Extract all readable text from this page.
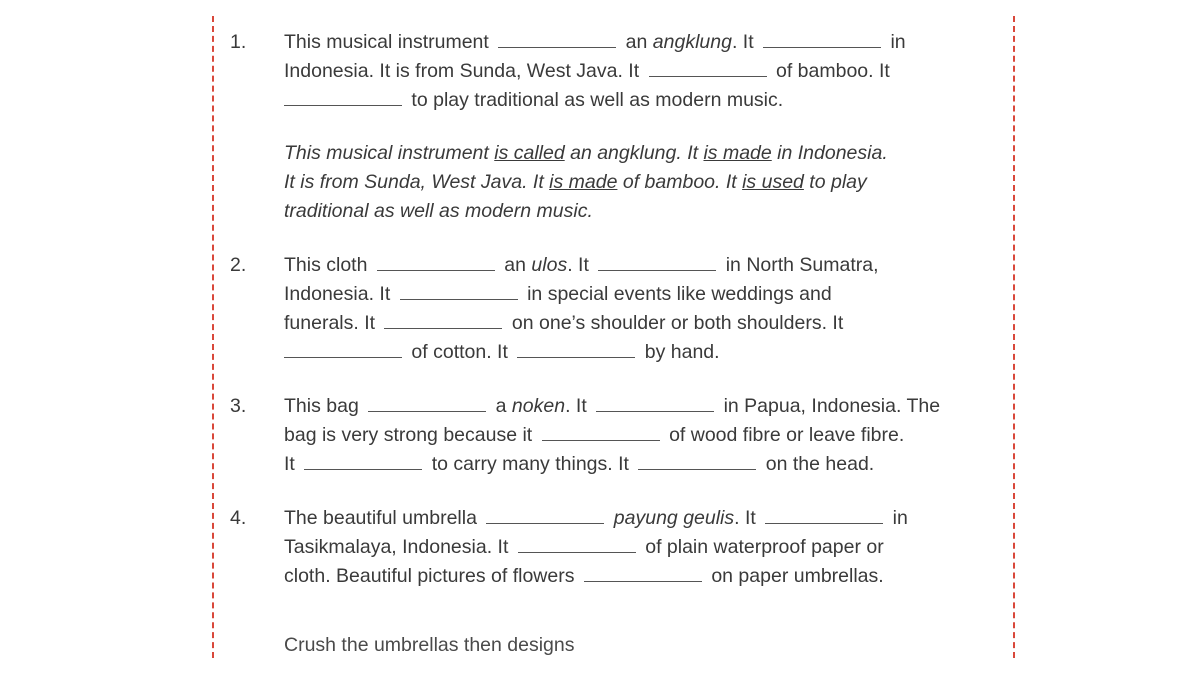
1.	This musical instrument	an angklung. It	in

Indonesia. It is from Sunda, West Java. It	of bamboo. It

to play traditional as well as modern music.

This musical instrument is called an angklung. It is made in Indonesia.

It is from Sunda, West Java. It is made of bamboo. It is used to play

traditional as well as modern music.

2.	This cloth	an ulos. It	in North Sumatra,

Indonesia. It	in special events like weddings and

funerals. It	on one’s shoulder or both shoulders. It

of cotton. It	by hand.

3.	This bag	a noken. It	in Papua, Indonesia. The

bag is very strong because it	of wood fibre or leave fibre.

It	to carry many things. It	on the head.

4.	The beautiful umbrella	payung geulis. It	in

Tasikmalaya, Indonesia. It	of plain waterproof paper or

cloth. Beautiful pictures of flowers	on paper umbrellas.

Crush the umbrellas then designs
